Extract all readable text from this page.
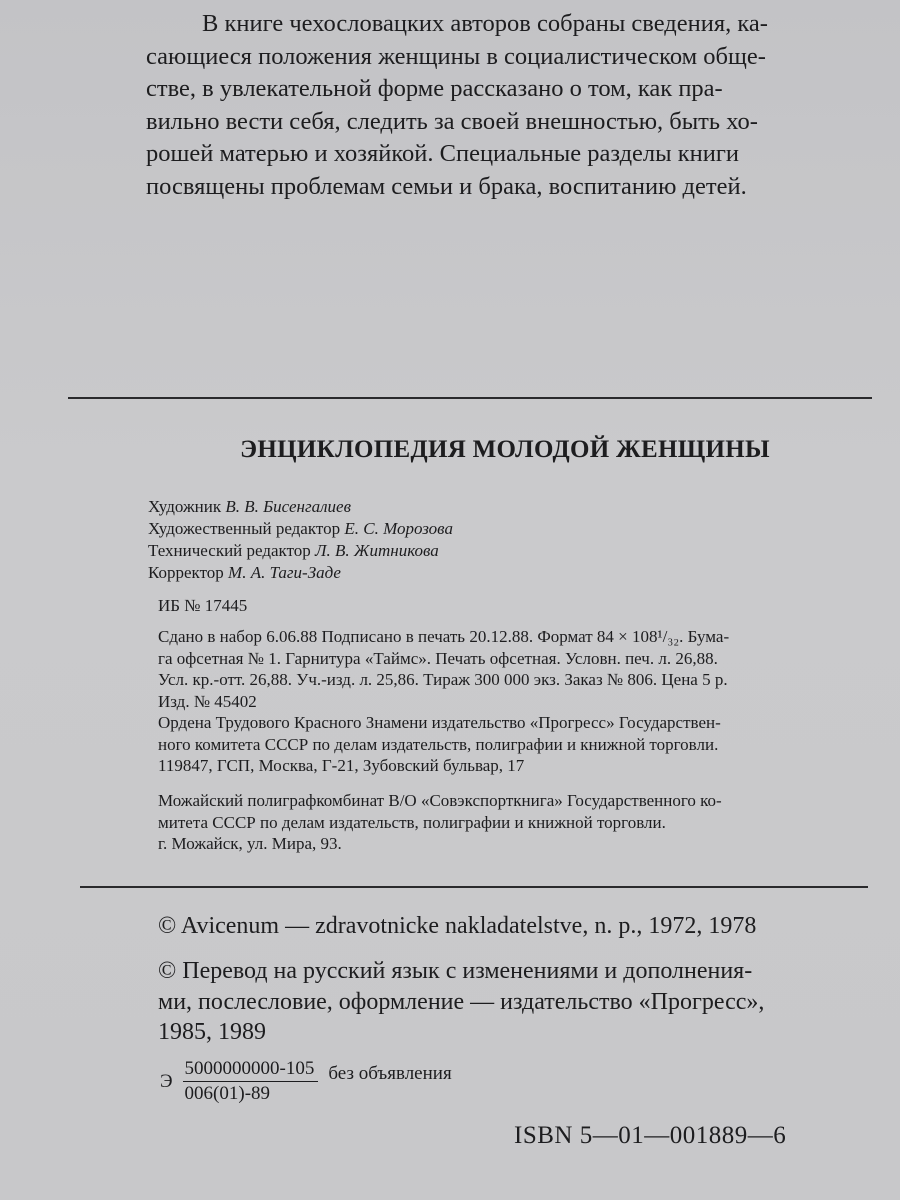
В книге чехословацких авторов собраны сведения, ка-
сающиеся положения женщины в социалистическом обще-
стве, в увлекательной форме рассказано о том, как пра-
вильно вести себя, следить за своей внешностью, быть хо-
рошей матерью и хозяйкой. Специальные разделы книги
посвящены проблемам семьи и брака, воспитанию детей.
ЭНЦИКЛОПЕДИЯ МОЛОДОЙ ЖЕНЩИНЫ
Художник В. В. Бисенгалиев
Художественный редактор Е. С. Морозова
Технический редактор Л. В. Житникова
Корректор М. А. Таги-Заде
ИБ № 17445
Сдано в набор 6.06.88 Подписано в печать 20.12.88. Формат 84 × 108¹/₃₂. Бума-
га офсетная № 1. Гарнитура «Таймс». Печать офсетная. Условн. печ. л. 26,88.
Усл. кр.-отт. 26,88. Уч.-изд. л. 25,86. Тираж 300 000 экз. Заказ № 806. Цена 5 р.
Изд. № 45402
Ордена Трудового Красного Знамени издательство «Прогресс» Государствен-
ного комитета СССР по делам издательств, полиграфии и книжной торговли.
119847, ГСП, Москва, Г-21, Зубовский бульвар, 17
Можайский полиграфкомбинат В/О «Совэкспорткнига» Государственного ко-
митета СССР по делам издательств, полиграфии и книжной торговли.
г. Можайск, ул. Мира, 93.
© Avicenum — zdravotnicke nakladatelstve, n. p., 1972, 1978
© Перевод на русский язык с изменениями и дополнения-
ми, послесловие, оформление — издательство «Прогресс»,
1985, 1989
Э $\frac{5000000000-105}{006(01)-89}$ без объявления
ISBN 5—01—001889—6
